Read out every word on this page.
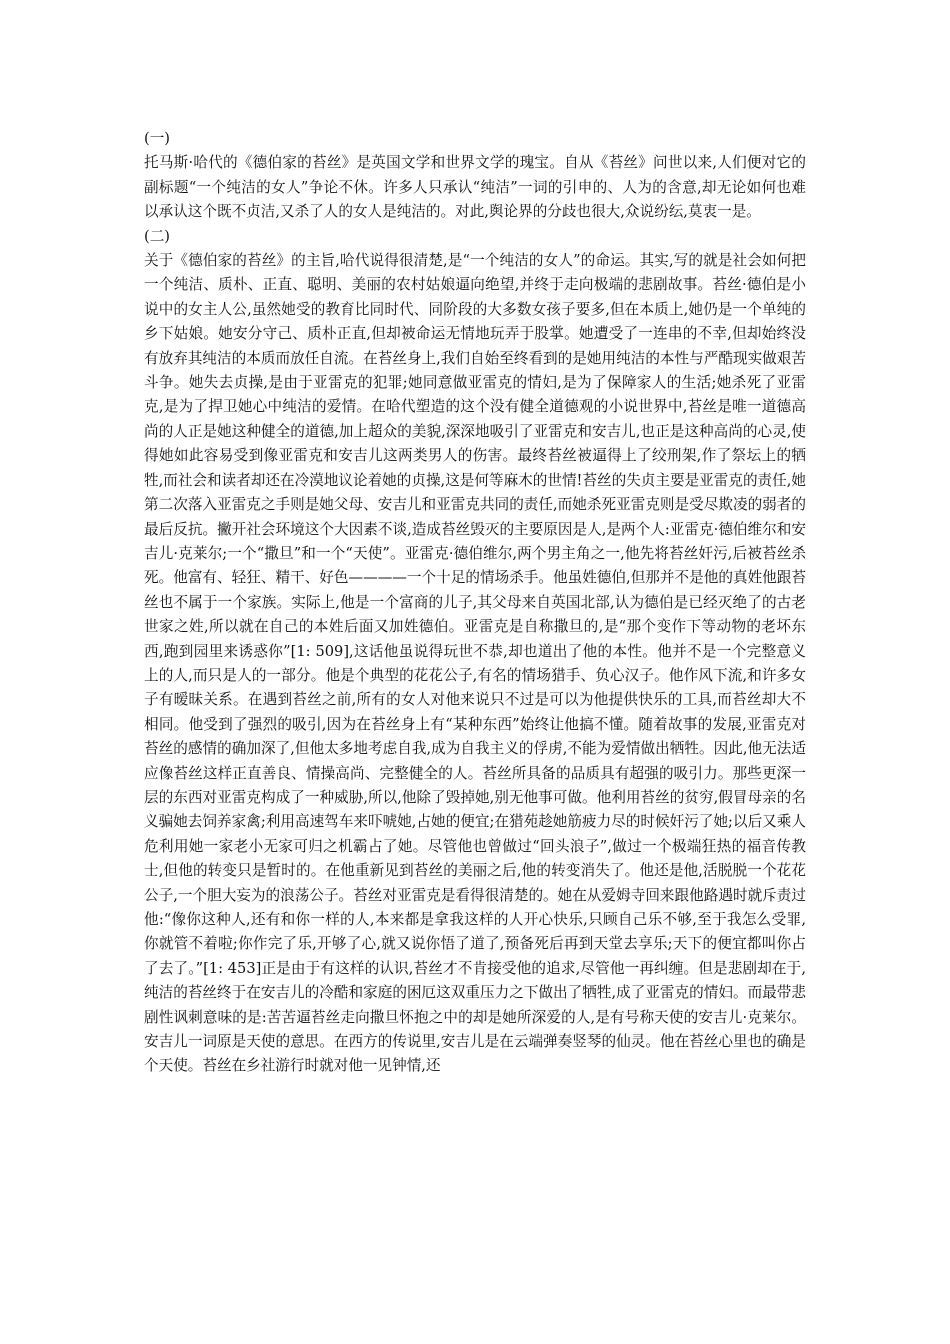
(一)

托马斯·哈代的《德伯家的苔丝》是英国文学和世界文学的瑰宝。自从《苔丝》问世以来,人们便对它的副标题“一个纯洁的女人”争论不休。许多人只承认“纯洁”一词的引申的、人为的含意,却无论如何也难以承认这个既不贞洁,又杀了人的女人是纯洁的。对此,舆论界的分歧也很大,众说纷纭,莫衷一是。

(二)

关于《德伯家的苔丝》的主旨,哈代说得很清楚,是“一个纯洁的女人”的命运。其实,写的就是社会如何把一个纯洁、质朴、正直、聪明、美丽的农村姑娘逼向绝望,并终于走向极端的悲剧故事。苔丝·德伯是小说中的女主人公,虽然她受的教育比同时代、同阶段的大多数女孩子要多,但在本质上,她仍是一个单纯的乡下姑娘。她安分守己、质朴正直,但却被命运无情地玩弄于股掌。她遭受了一连串的不幸,但却始终没有放弃其纯洁的本质而放任自流。在苔丝身上,我们自始至终看到的是她用纯洁的本性与严酷现实做艰苦斗争。她失去贞操,是由于亚雷克的犯罪;她同意做亚雷克的情妇,是为了保障家人的生活;她杀死了亚雷克,是为了捍卫她心中纯洁的爱情。在哈代塑造的这个没有健全道德观的小说世界中,苔丝是唯一道德高尚的人正是她这种健全的道德,加上超众的美貌,深深地吸引了亚雷克和安吉儿,也正是这种高尚的心灵,使得她如此容易受到像亚雷克和安吉儿这两类男人的伤害。最终苔丝被逼得上了绞刑架,作了祭坛上的牺牲,而社会和读者却还在冷漠地议论着她的贞操,这是何等麻木的世情!苔丝的失贞主要是亚雷克的责任,她第二次落入亚雷克之手则是她父母、安吉儿和亚雷克共同的责任,而她杀死亚雷克则是受尽欺凌的弱者的最后反抗。撇开社会环境这个大因素不谈,造成苔丝毁灭的主要原因是人,是两个人:亚雷克·德伯维尔和安吉儿·克莱尔;一个“撒旦”和一个“天使”。亚雷克·德伯维尔,两个男主角之一,他先将苔丝奸污,后被苔丝杀死。他富有、轻狂、精干、好色————一个十足的情场杀手。他虽姓德伯,但那并不是他的真姓他跟苔丝也不属于一个家族。实际上,他是一个富商的儿子,其父母来自英国北部,认为德伯是已经灭绝了的古老世家之姓,所以就在自己的本姓后面又加姓德伯。亚雷克是自称撒旦的,是“那个变作下等动物的老坏东西,跑到园里来诱惑你”[1: 509],这话他虽说得玩世不恭,却也道出了他的本性。他并不是一个完整意义上的人,而只是人的一部分。他是个典型的花花公子,有名的情场猎手、负心汉子。他作风下流,和许多女子有暧昧关系。在遇到苔丝之前,所有的女人对他来说只不过是可以为他提供快乐的工具,而苔丝却大不相同。他受到了强烈的吸引,因为在苔丝身上有“某种东西”始终让他搞不懂。随着故事的发展,亚雷克对苔丝的感情的确加深了,但他太多地考虑自我,成为自我主义的俘虏,不能为爱情做出牺牲。因此,他无法适应像苔丝这样正直善良、情操高尚、完整健全的人。苔丝所具备的品质具有超强的吸引力。那些更深一层的东西对亚雷克构成了一种威胁,所以,他除了毁掉她,别无他事可做。他利用苔丝的贫穷,假冒母亲的名义骗她去饲养家禽;利用高速驾车来吓唬她,占她的便宜;在猎苑趁她筋疲力尽的时候奸污了她;以后又乘人危利用她一家老小无家可归之机霸占了她。尽管他也曾做过“回头浪子”,做过一个极端狂热的福音传教士,但他的转变只是暂时的。在他重新见到苔丝的美丽之后,他的转变消失了。他还是他,活脱脱一个花花公子,一个胆大妄为的浪荡公子。苔丝对亚雷克是看得很清楚的。她在从爱姆寺回来跟他路遇时就斥责过他:“像你这种人,还有和你一样的人,本来都是拿我这样的人开心快乐,只顾自己乐不够,至于我怎么受罪,你就管不着啦;你作完了乐,开够了心,就又说你悟了道了,预备死后再到天堂去享乐;天下的便宜都叫你占了去了。”[1: 453]正是由于有这样的认识,苔丝才不肯接受他的追求,尽管他一再纠缠。但是悲剧却在于,纯洁的苔丝终于在安吉儿的冷酷和家庭的困厄这双重压力之下做出了牺牲,成了亚雷克的情妇。而最带悲剧性讽刺意味的是:苦苦逼苔丝走向撒旦怀抱之中的却是她所深爱的人,是有号称天使的安吉儿·克莱尔。安吉儿一词原是天使的意思。在西方的传说里,安吉儿是在云端弹奏竖琴的仙灵。他在苔丝心里也的确是个天使。苔丝在乡社游行时就对他一见钟情,还
